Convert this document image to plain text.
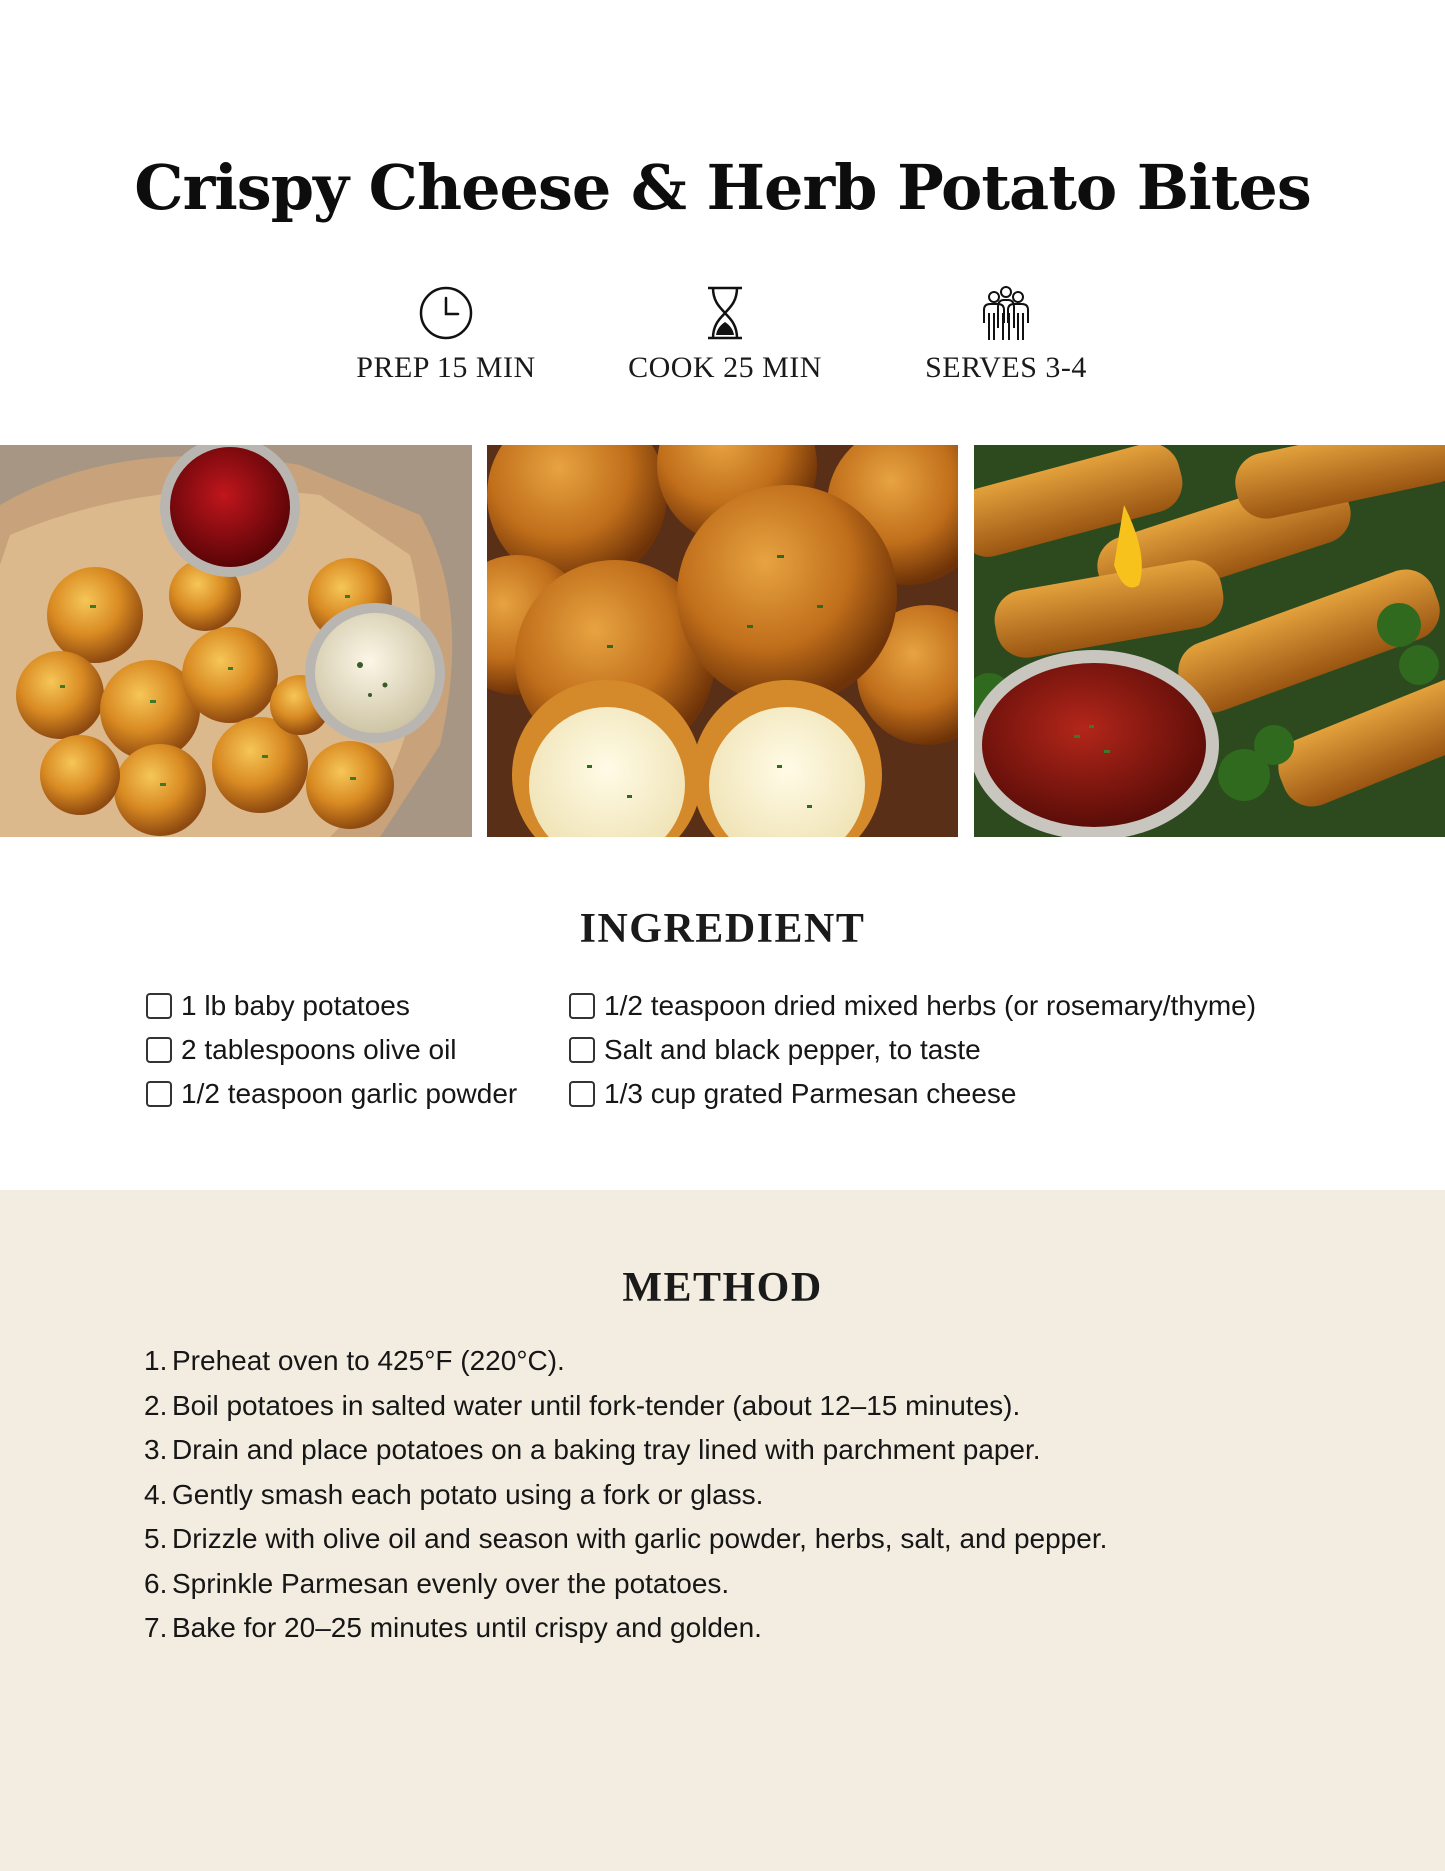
Crispy Cheese & Herb Potato Bites
PREP 15 MIN	COOK 25 MIN	SERVES 3-4
INGREDIENT
1 lb baby potatoes
2 tablespoons olive oil
1/2 teaspoon garlic powder
1/2 teaspoon dried mixed herbs (or rosemary/thyme)
Salt and black pepper, to taste
1/3 cup grated Parmesan cheese
METHOD
1. Preheat oven to 425°F (220°C).
2. Boil potatoes in salted water until fork-tender (about 12–15 minutes).
3. Drain and place potatoes on a baking tray lined with parchment paper.
4. Gently smash each potato using a fork or glass.
5. Drizzle with olive oil and season with garlic powder, herbs, salt, and pepper.
6. Sprinkle Parmesan evenly over the potatoes.
7. Bake for 20–25 minutes until crispy and golden.
